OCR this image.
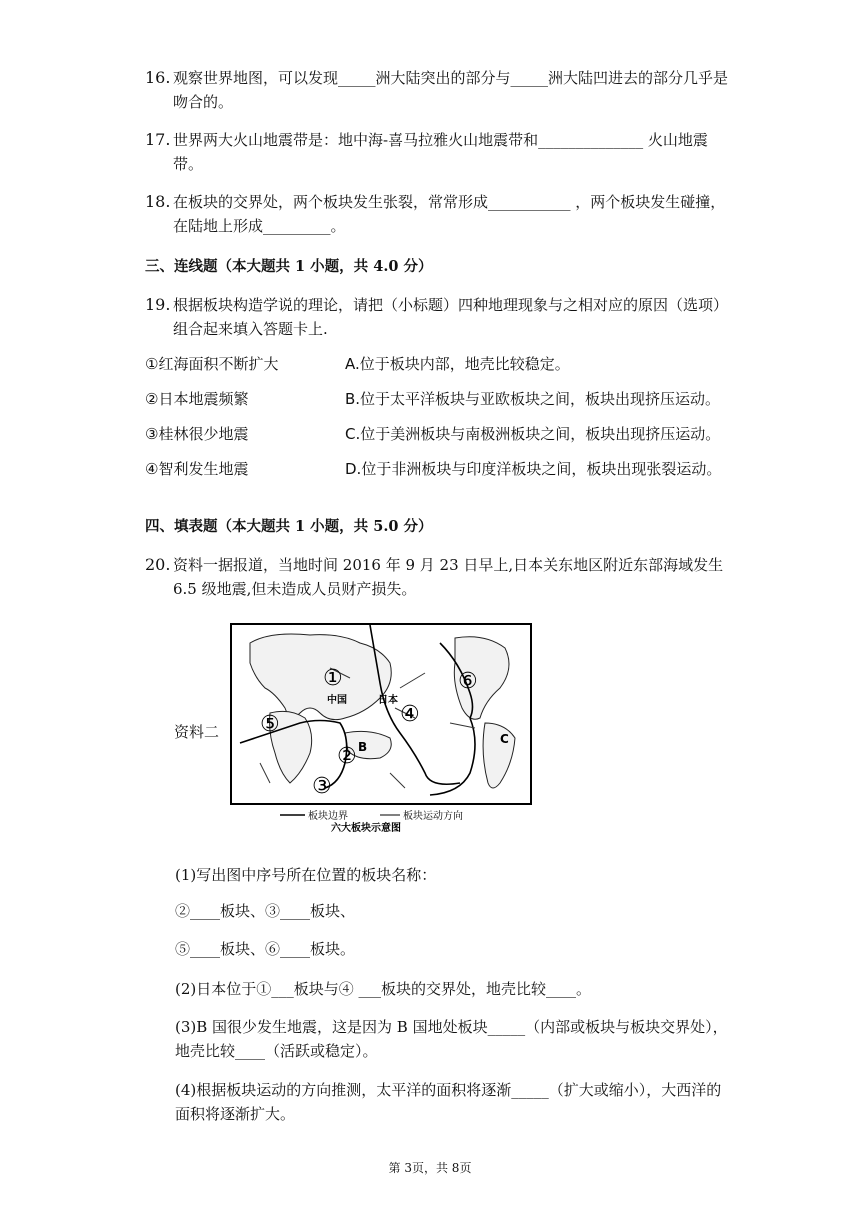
16. 观察世界地图，可以发现_____洲大陆突出的部分与_____洲大陆凹进去的部分几乎是吻合的。
17. 世界两大火山地震带是：地中海-喜马拉雅火山地震带和______________ 火山地震带。
18. 在板块的交界处，两个板块发生张裂，常常形成___________ ，两个板块发生碰撞，在陆地上形成_________。
三、连线题（本大题共 1 小题，共 4.0 分）
19. 根据板块构造学说的理论，请把（小标题）四种地理现象与之相对应的原因（选项）组合起来填入答题卡上.
①红海面积不断扩大	A.位于板块内部，地壳比较稳定。
②日本地震频繁	B.位于太平洋板块与亚欧板块之间，板块出现挤压运动。
③桂林很少地震	C.位于美洲板块与南极洲板块之间，板块出现挤压运动。
④智利发生地震	D.位于非洲板块与印度洋板块之间，板块出现张裂运动。
四、填表题（本大题共 1 小题，共 5.0 分）
20. 资料一据报道，当地时间 2016 年 9 月 23 日早上,日本关东地区附近东部海域发生 6.5 级地震,但未造成人员财产损失。
资料二
①
②
③
④
⑤
⑥
中国	日本
B
C
板块边界	板块运动方向
六大板块示意图
(1)写出图中序号所在位置的板块名称：
②____板块、③____板块、
⑤____板块、⑥____板块。
(2)日本位于①___板块与④ ___板块的交界处，地壳比较____。
(3)B 国很少发生地震，这是因为 B 国地处板块_____（内部或板块与板块交界处），地壳比较____（活跃或稳定）。
(4)根据板块运动的方向推测，太平洋的面积将逐渐_____（扩大或缩小），大西洋的面积将逐渐扩大。
第 3页，共 8页
